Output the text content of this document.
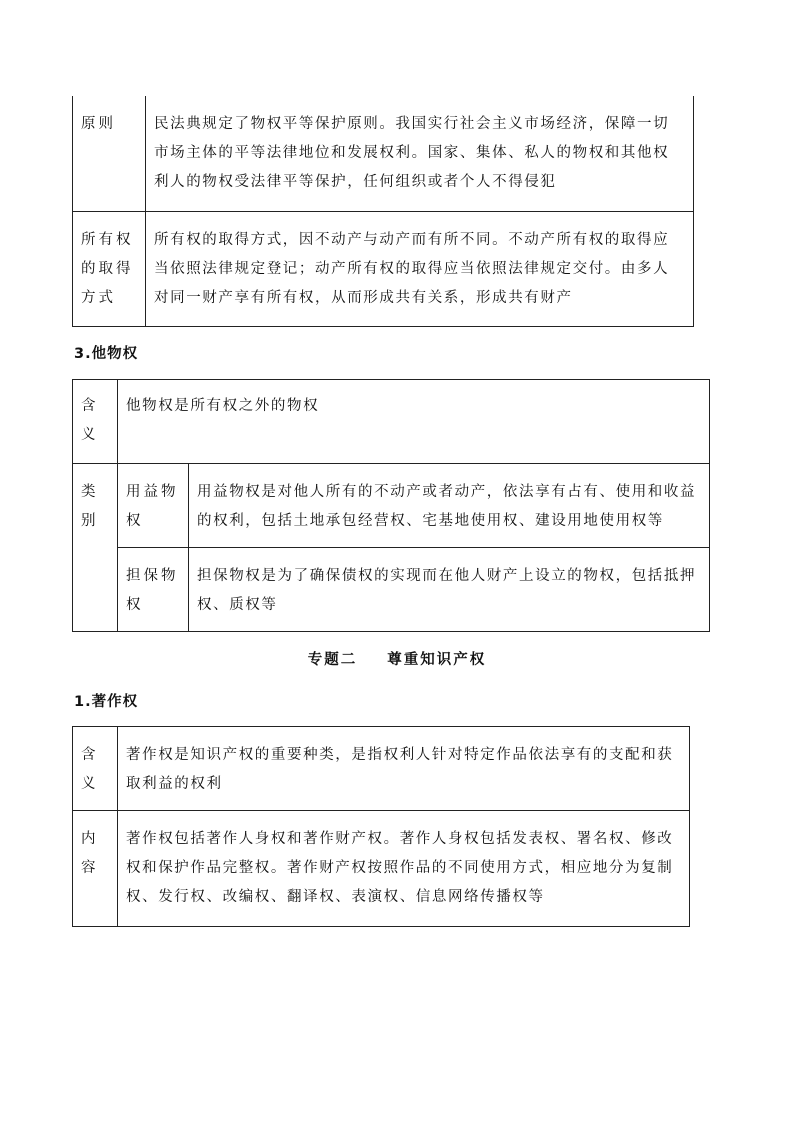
原则	民法典规定了物权平等保护原则。我国实行社会主义市场经济，保障一切市场主体的平等法律地位和发展权利。国家、集体、私人的物权和其他权利人的物权受法律平等保护，任何组织或者个人不得侵犯
所有权的取得方式	所有权的取得方式，因不动产与动产而有所不同。不动产所有权的取得应当依照法律规定登记；动产所有权的取得应当依照法律规定交付。由多人对同一财产享有所有权，从而形成共有关系，形成共有财产
3.他物权
含义	他物权是所有权之外的物权	
类别	用益物权	用益物权是对他人所有的不动产或者动产，依法享有占有、使用和收益的权利，包括土地承包经营权、宅基地使用权、建设用地使用权等
	担保物权	担保物权是为了确保债权的实现而在他人财产上设立的物权，包括抵押权、质权等
专题二 尊重知识产权
1.著作权
含义	著作权是知识产权的重要种类，是指权利人针对特定作品依法享有的支配和获取利益的权利
内容	著作权包括著作人身权和著作财产权。著作人身权包括发表权、署名权、修改权和保护作品完整权。著作财产权按照作品的不同使用方式，相应地分为复制权、发行权、改编权、翻译权、表演权、信息网络传播权等
